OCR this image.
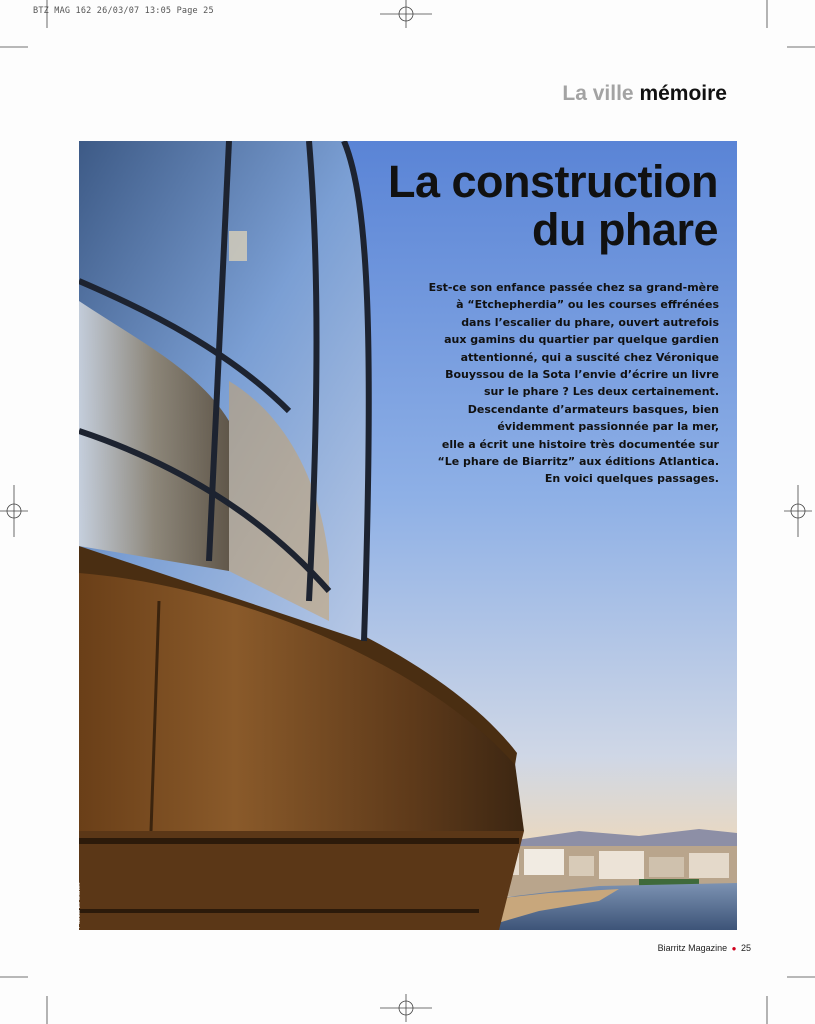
BTZ MAG 162 26/03/07 13:05 Page 25
La ville mémoire
La construction
du phare
Est-ce son enfance passée chez sa grand-mère
à “Etchepherdia” ou les courses effrénées
dans l’escalier du phare, ouvert autrefois
aux gamins du quartier par quelque gardien
attentionné, qui a suscité chez Véronique
Bouyssou de la Sota l’envie d’écrire un livre
sur le phare ? Les deux certainement.
Descendante d’armateurs basques, bien
évidemment passionnée par la mer,
elle a écrit une histoire très documentée sur
“Le phare de Biarritz” aux éditions Atlantica.
En voici quelques passages.
Pascal Le Danek
Biarritz Magazine ● 25
